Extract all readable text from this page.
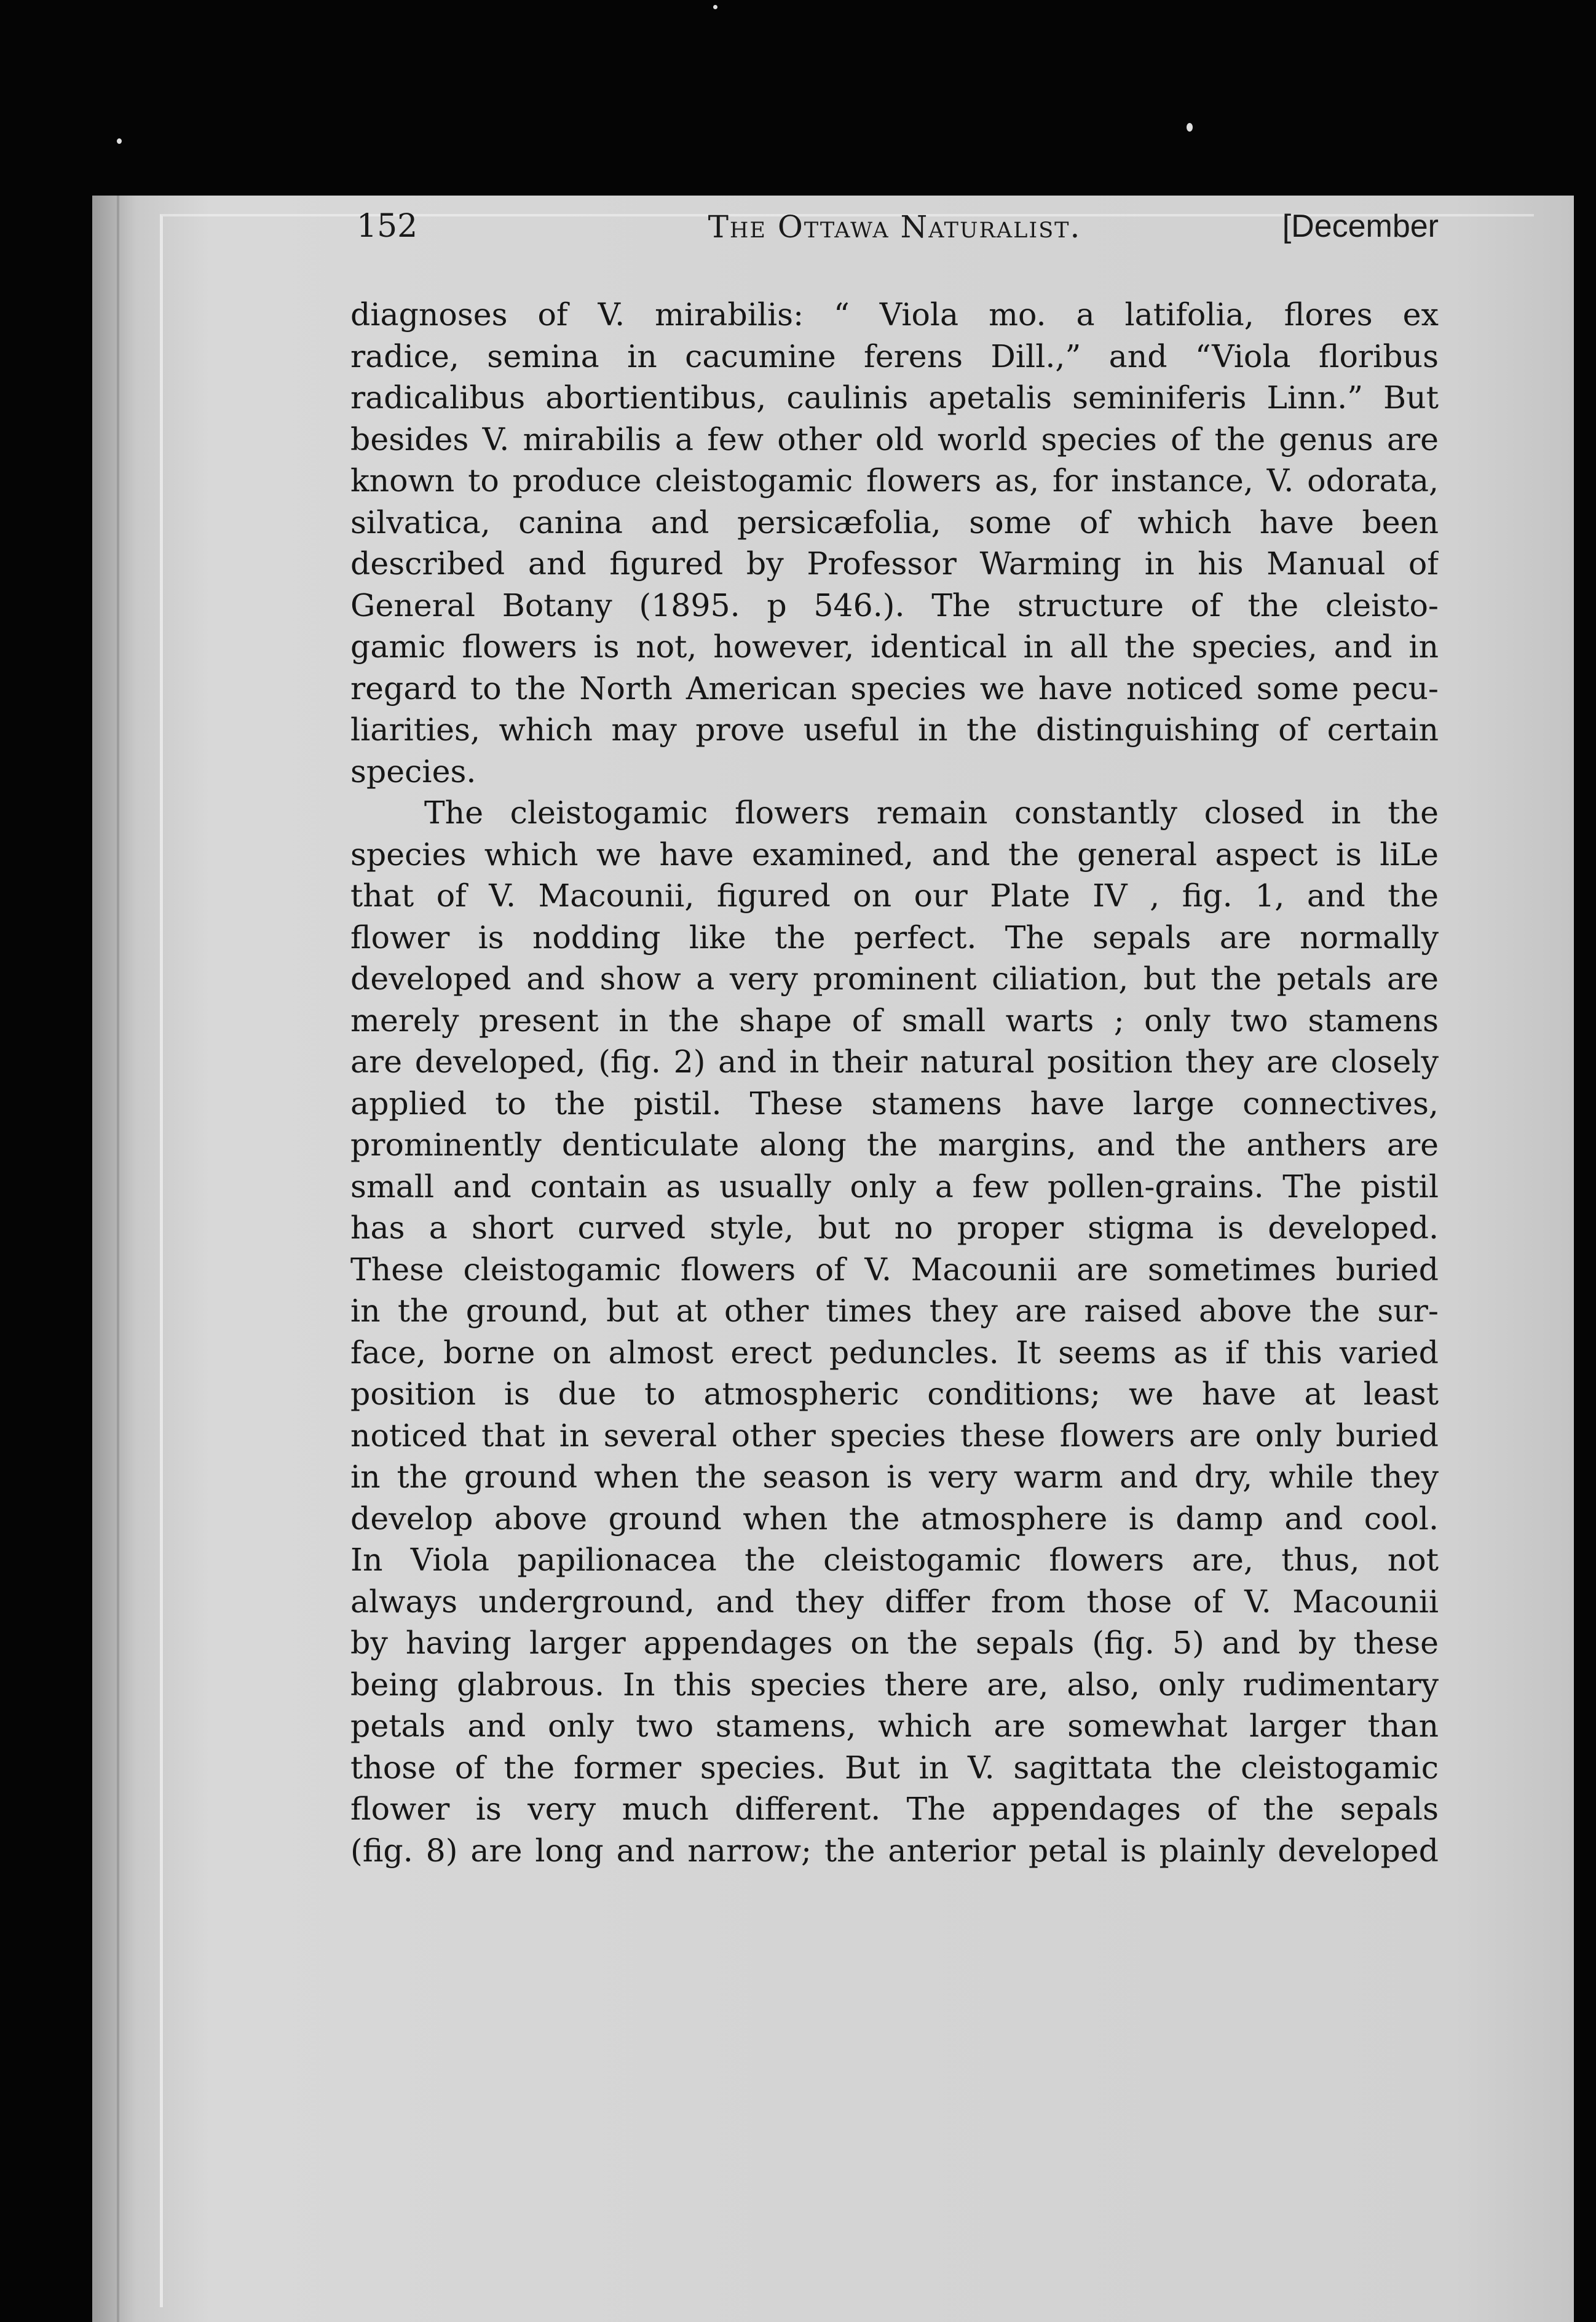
152	The Ottawa Naturalist.	[December
diagnoses of V. mirabilis: “ Viola mo. a latifolia, flores ex
radice, semina in cacumine ferens Dill.,” and “Viola floribus
radicalibus abortientibus, caulinis apetalis seminiferis Linn.” But
besides V. mirabilis a few other old world species of the genus are
known to produce cleistogamic flowers as, for instance, V. odorata,
silvatica, canina and persicæfolia, some of which have been
described and figured by Professor Warming in his Manual of
General Botany (1895. p 546.). The structure of the cleisto-
gamic flowers is not, however, identical in all the species, and in
regard to the North American species we have noticed some pecu-
liarities, which may prove useful in the distinguishing of certain
species.
The cleistogamic flowers remain constantly closed in the
species which we have examined, and the general aspect is liLe
that of V. Macounii, figured on our Plate IV , fig. 1, and the
flower is nodding like the perfect. The sepals are normally
developed and show a very prominent ciliation, but the petals are
merely present in the shape of small warts ; only two stamens
are developed, (fig. 2) and in their natural position they are closely
applied to the pistil. These stamens have large connectives,
prominently denticulate along the margins, and the anthers are
small and contain as usually only a few pollen-grains. The pistil
has a short curved style, but no proper stigma is developed.
These cleistogamic flowers of V. Macounii are sometimes buried
in the ground, but at other times they are raised above the sur-
face, borne on almost erect peduncles. It seems as if this varied
position is due to atmospheric conditions; we have at least
noticed that in several other species these flowers are only buried
in the ground when the season is very warm and dry, while they
develop above ground when the atmosphere is damp and cool.
In Viola papilionacea the cleistogamic flowers are, thus, not
always underground, and they differ from those of V. Macounii
by having larger appendages on the sepals (fig. 5) and by these
being glabrous. In this species there are, also, only rudimentary
petals and only two stamens, which are somewhat larger than
those of the former species. But in V. sagittata the cleistogamic
flower is very much different. The appendages of the sepals
(fig. 8) are long and narrow; the anterior petal is plainly developed
